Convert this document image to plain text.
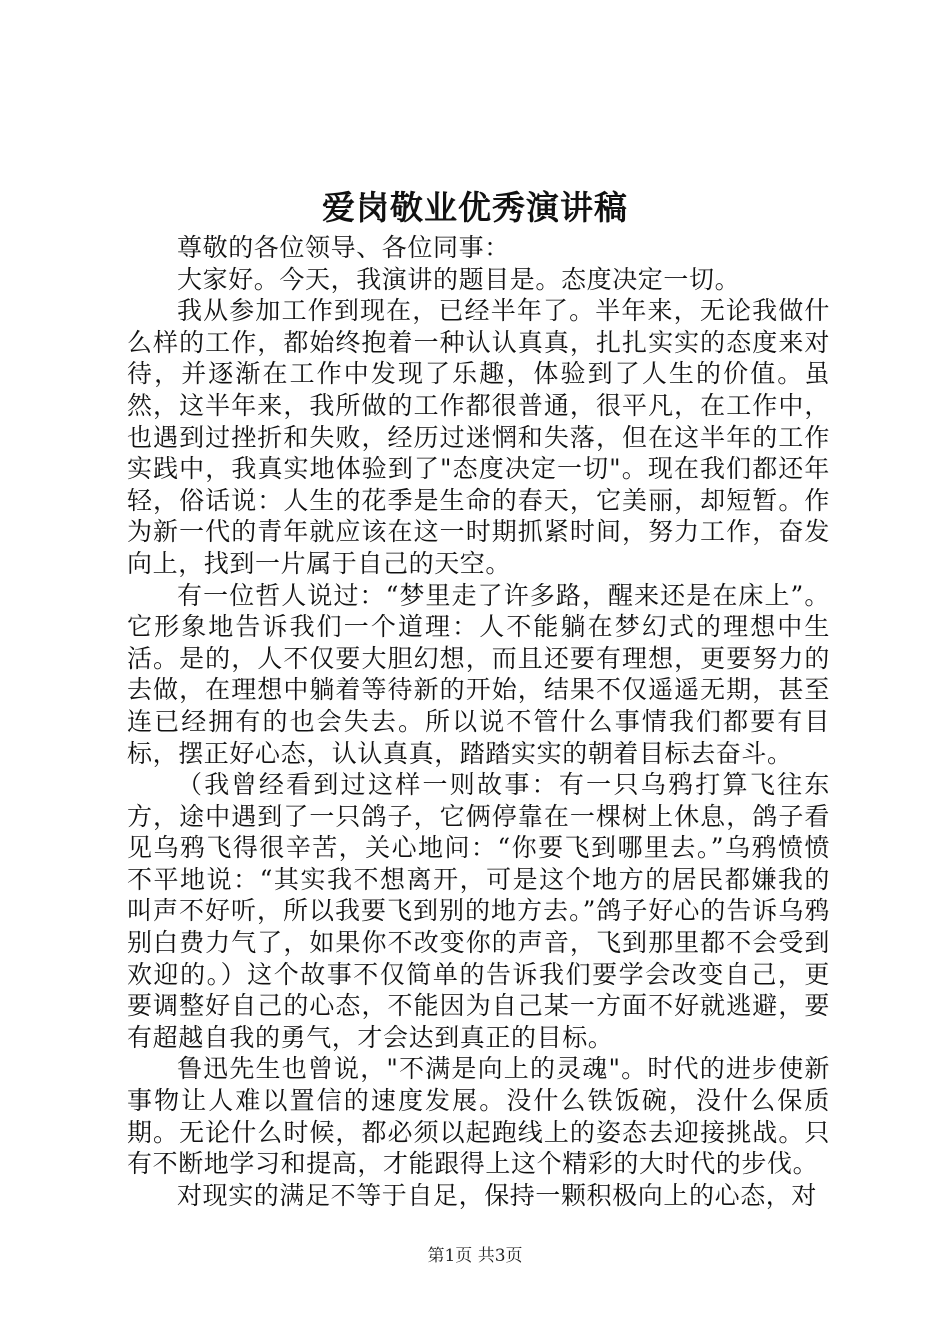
爱岗敬业优秀演讲稿

尊敬的各位领导、各位同事：

大家好。今天，我演讲的题目是。态度决定一切。

我从参加工作到现在，已经半年了。半年来，无论我做什么样的工作，都始终抱着一种认认真真，扎扎实实的态度来对待，并逐渐在工作中发现了乐趣，体验到了人生的价值。虽然，这半年来，我所做的工作都很普通，很平凡，在工作中，也遇到过挫折和失败，经历过迷惘和失落，但在这半年的工作实践中，我真实地体验到了"态度决定一切"。现在我们都还年轻，俗话说：人生的花季是生命的春天，它美丽，却短暂。作为新一代的青年就应该在这一时期抓紧时间，努力工作，奋发向上，找到一片属于自己的天空。

有一位哲人说过：“梦里走了许多路，醒来还是在床上”。它形象地告诉我们一个道理：人不能躺在梦幻式的理想中生活。是的，人不仅要大胆幻想，而且还要有理想，更要努力的去做，在理想中躺着等待新的开始，结果不仅遥遥无期，甚至连已经拥有的也会失去。所以说不管什么事情我们都要有目标，摆正好心态，认认真真，踏踏实实的朝着目标去奋斗。

（我曾经看到过这样一则故事：有一只乌鸦打算飞往东方，途中遇到了一只鸽子，它俩停靠在一棵树上休息，鸽子看见乌鸦飞得很辛苦，关心地问：“你要飞到哪里去。”乌鸦愤愤不平地说：“其实我不想离开，可是这个地方的居民都嫌我的叫声不好听，所以我要飞到别的地方去。”鸽子好心的告诉乌鸦别白费力气了，如果你不改变你的声音，飞到那里都不会受到欢迎的。）这个故事不仅简单的告诉我们要学会改变自己，更要调整好自己的心态，不能因为自己某一方面不好就逃避，要有超越自我的勇气，才会达到真正的目标。

鲁迅先生也曾说，"不满是向上的灵魂"。时代的进步使新事物让人难以置信的速度发展。没什么铁饭碗，没什么保质期。无论什么时候，都必须以起跑线上的姿态去迎接挑战。只有不断地学习和提高，才能跟得上这个精彩的大时代的步伐。

对现实的满足不等于自足，保持一颗积极向上的心态，对

第1页 共3页
